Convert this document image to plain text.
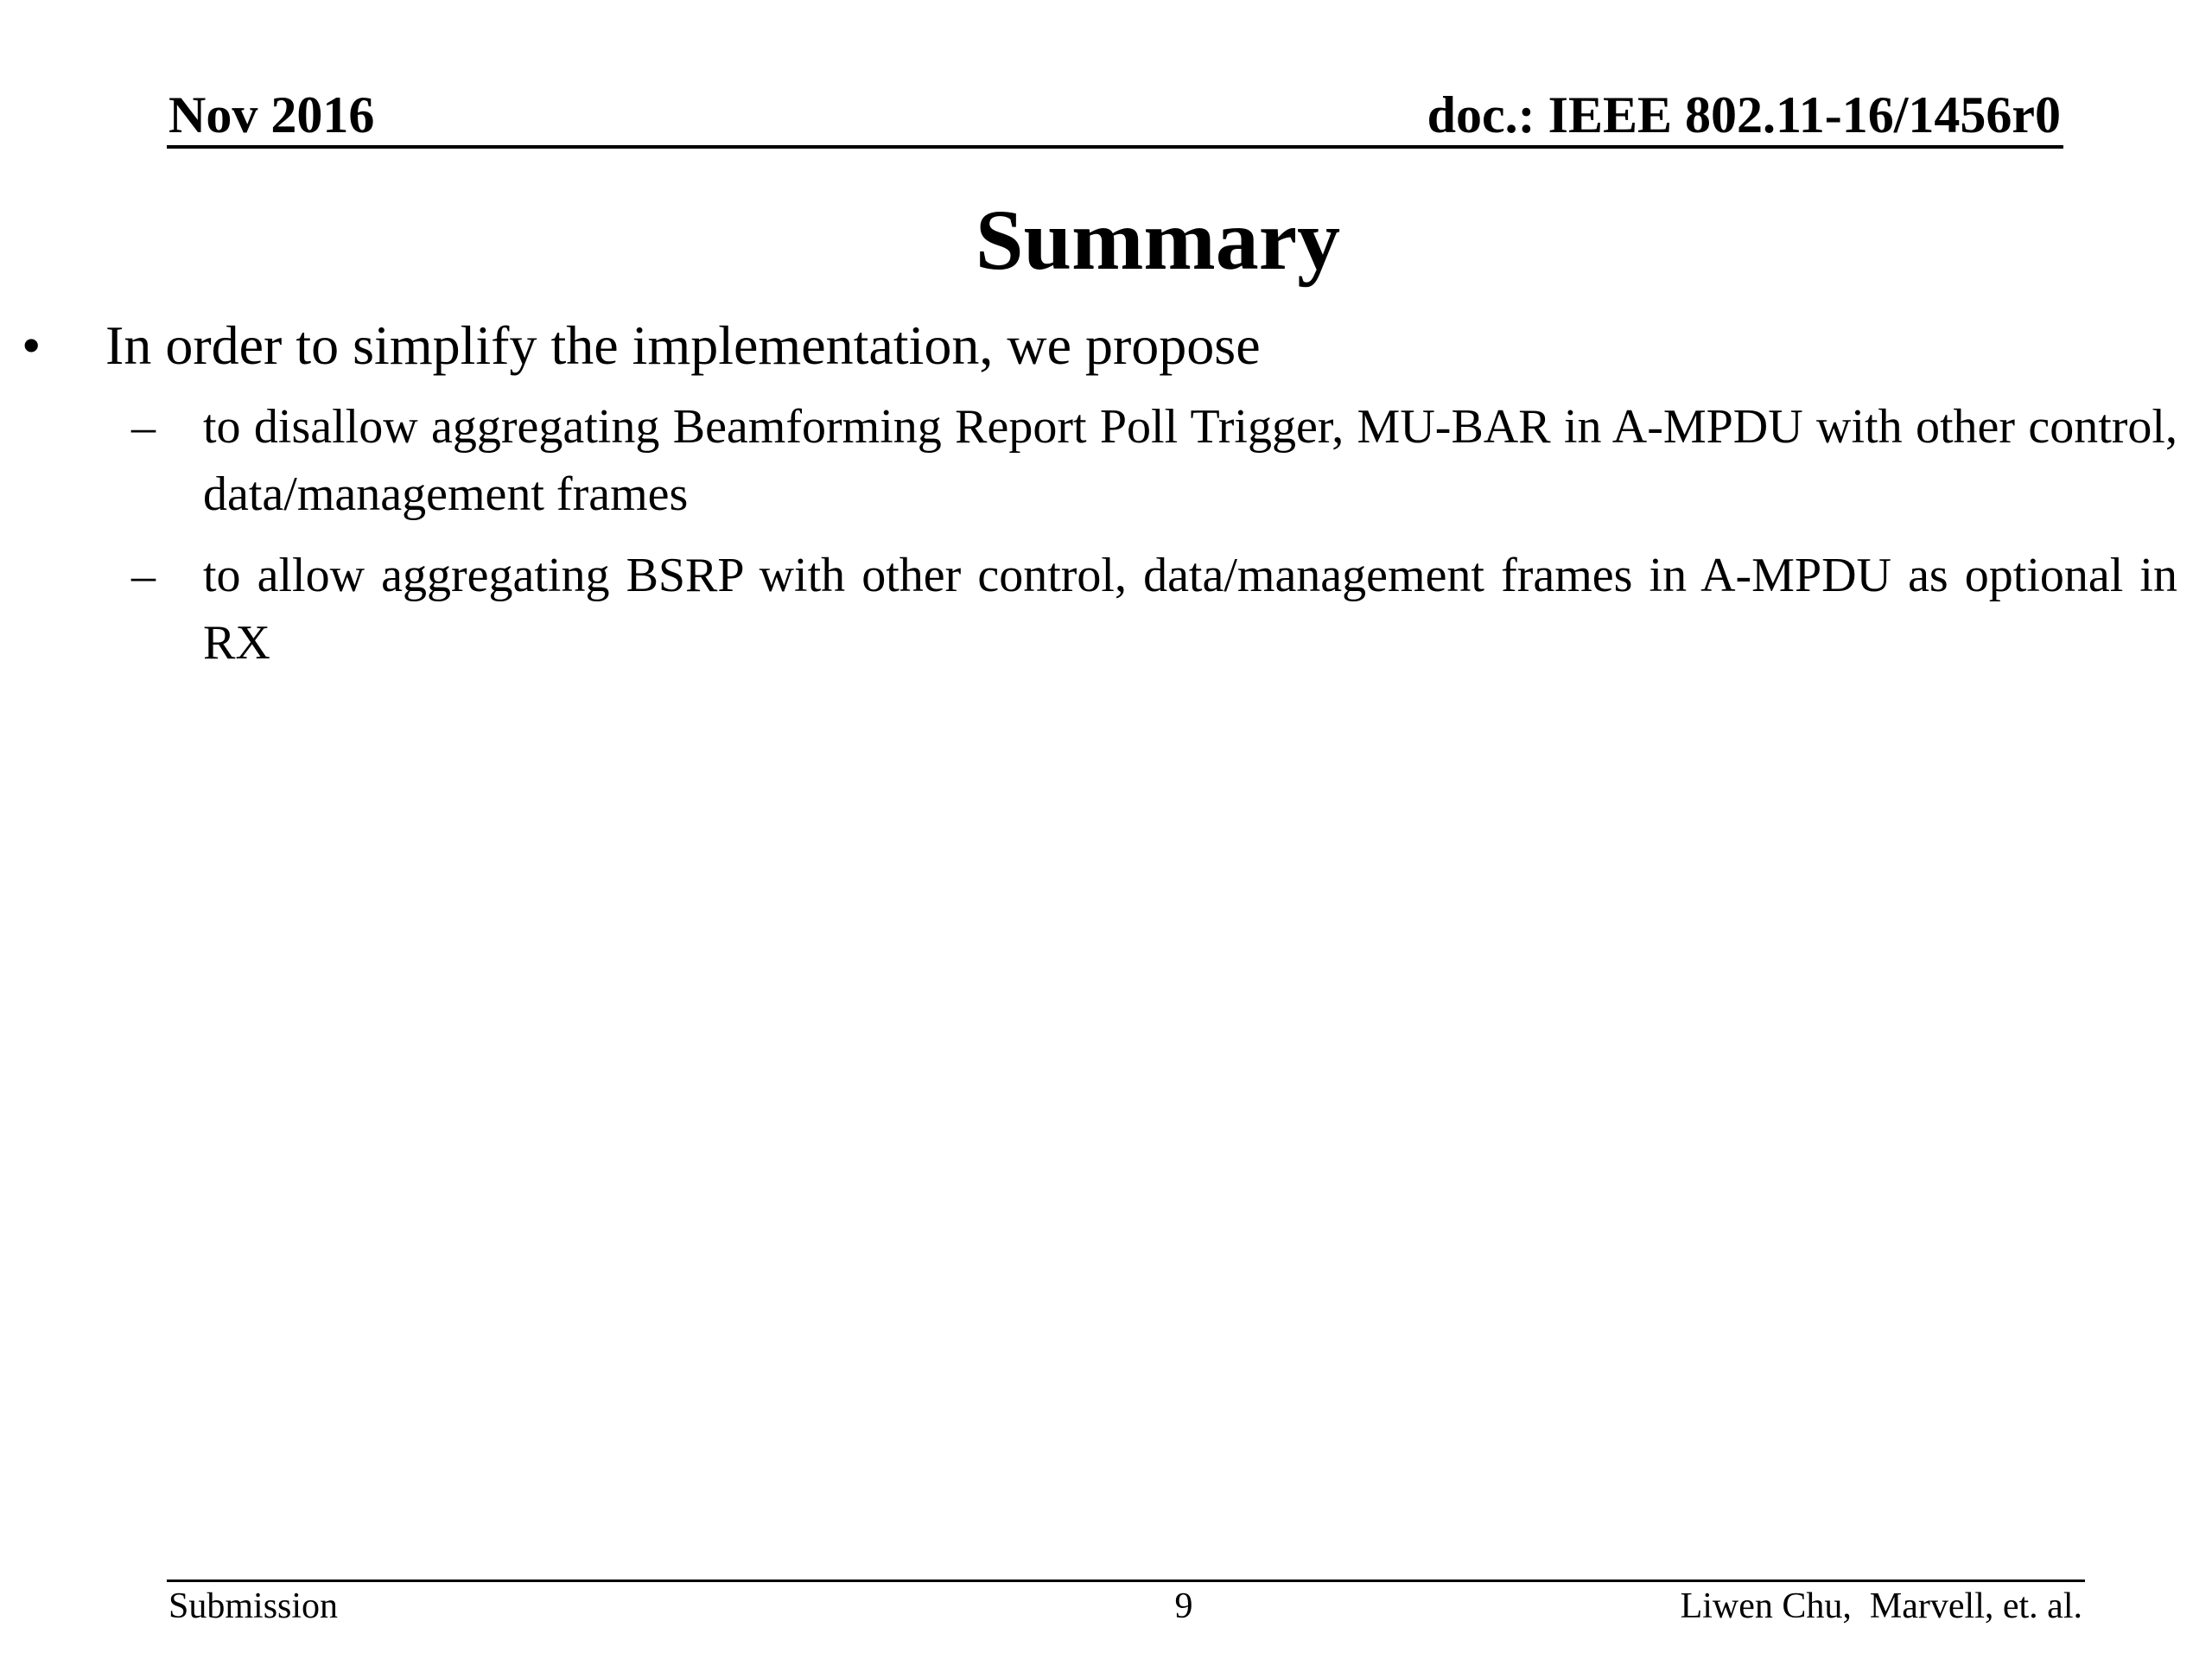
Nov 2016	doc.: IEEE 802.11-16/1456r0
Summary
• In order to simplify the implementation, we propose
– to disallow aggregating Beamforming Report Poll Trigger, MU-BAR in A-MPDU with other control, data/management frames
– to allow aggregating BSRP with other control, data/management frames in A-MPDU as optional in RX
Submission	9	Liwen Chu,  Marvell, et. al.
